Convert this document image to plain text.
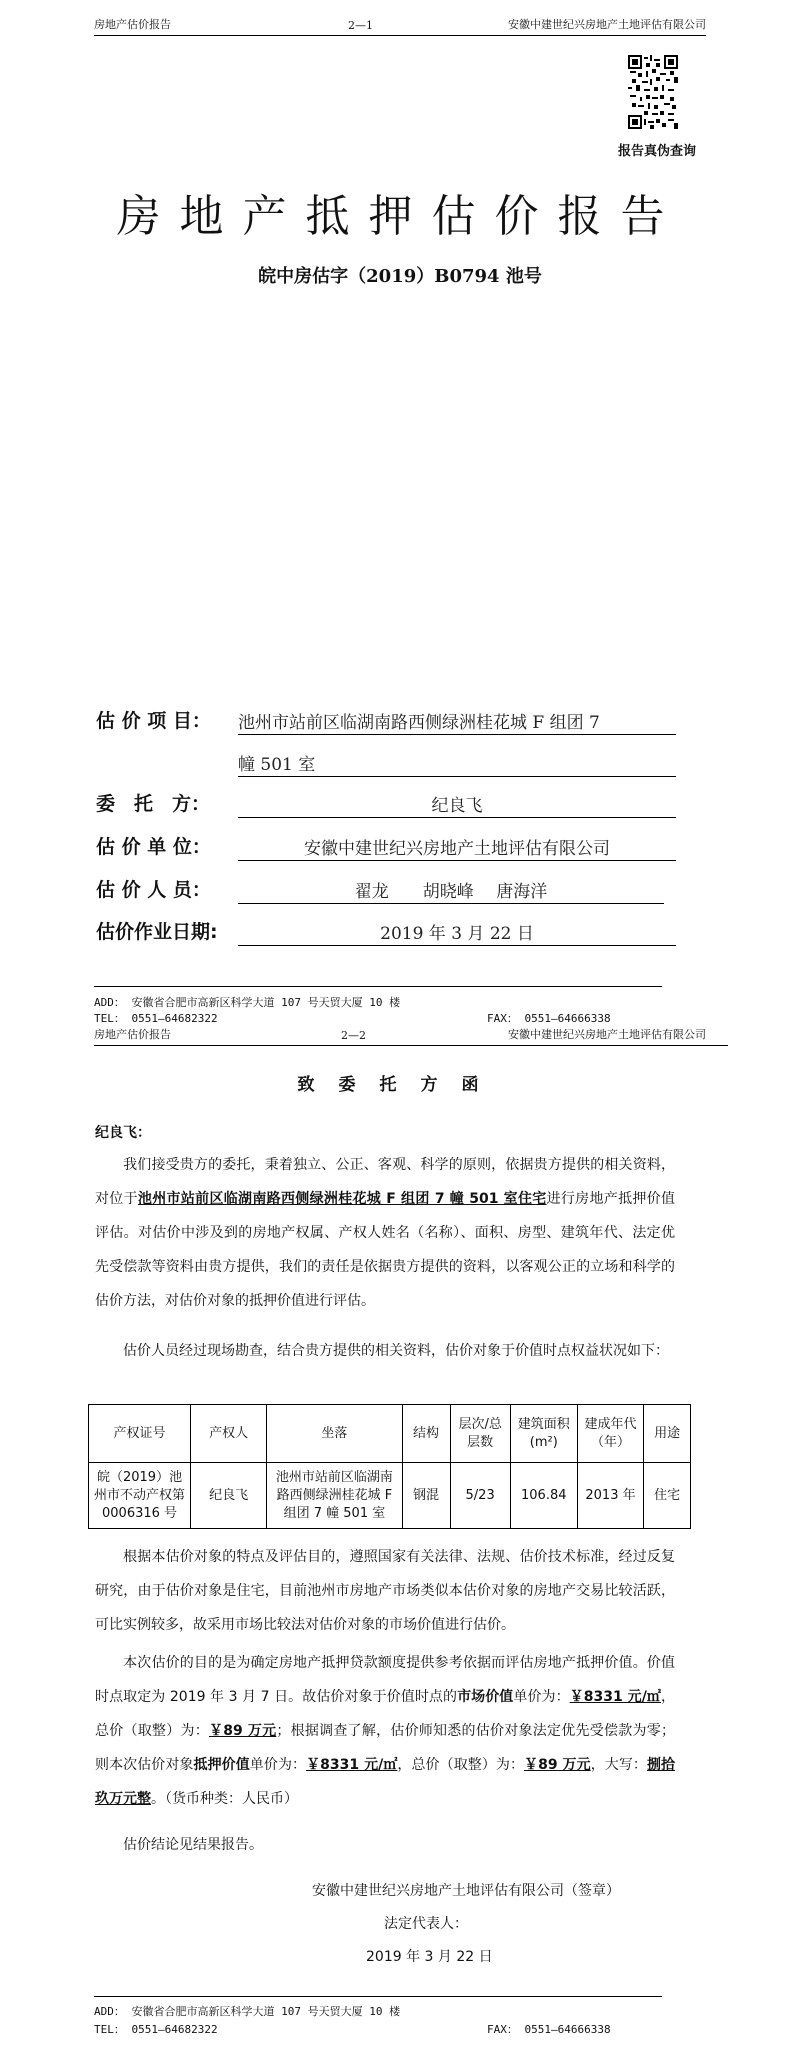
房地产估价报告	2—1	安徽中建世纪兴房地产土地评估有限公司
报告真伪查询
房地产抵押估价报告
皖中房估字（2019）B0794 池号
估 价 项 目：	池州市站前区临湖南路西侧绿洲桂花城 F 组团 7
幢 501 室
委　托　方：	纪良飞
估 价 单 位：	安徽中建世纪兴房地产土地评估有限公司
估 价 人 员：	翟龙　　胡晓峰　 唐海洋
估价作业日期:	2019 年 3 月 22 日
ADD： 安徽省合肥市高新区科学大道 107 号天贸大厦 10 楼
TEL： 0551—64682322	FAX： 0551—64666338
房地产估价报告	2—2	安徽中建世纪兴房地产土地评估有限公司
致委托方函
纪良飞：
我们接受贵方的委托，秉着独立、公正、客观、科学的原则，依据贵方提供的相关资料，对位于池州市站前区临湖南路西侧绿洲桂花城 F 组团 7 幢 501 室住宅进行房地产抵押价值评估。对估价中涉及到的房地产权属、产权人姓名（名称）、面积、房型、建筑年代、法定优先受偿款等资料由贵方提供，我们的责任是依据贵方提供的资料，以客观公正的立场和科学的估价方法，对估价对象的抵押价值进行评估。
估价人员经过现场勘查，结合贵方提供的相关资料，估价对象于价值时点权益状况如下：
产权证号	产权人	坐落	结构	层次/总层数	建筑面积(m²)	建成年代（年）	用途
皖（2019）池州市不动产权第 0006316 号	纪良飞	池州市站前区临湖南路西侧绿洲桂花城 F 组团 7 幢 501 室	钢混	5/23	106.84	2013 年	住宅
根据本估价对象的特点及评估目的，遵照国家有关法律、法规、估价技术标准，经过反复研究，由于估价对象是住宅，目前池州市房地产市场类似本估价对象的房地产交易比较活跃，可比实例较多，故采用市场比较法对估价对象的市场价值进行估价。
本次估价的目的是为确定房地产抵押贷款额度提供参考依据而评估房地产抵押价值。价值时点取定为 2019 年 3 月 7 日。故估价对象于价值时点的市场价值单价为：￥8331 元/㎡，总价（取整）为：￥89 万元；根据调查了解，估价师知悉的估价对象法定优先受偿款为零；则本次估价对象抵押价值单价为：￥8331 元/㎡，总价（取整）为：￥89 万元，大写：捌拾玖万元整。（货币种类：人民币）
估价结论见结果报告。
安徽中建世纪兴房地产土地评估有限公司（签章）
法定代表人：
2019 年 3 月 22 日
ADD： 安徽省合肥市高新区科学大道 107 号天贸大厦 10 楼
TEL： 0551—64682322	FAX： 0551—64666338
